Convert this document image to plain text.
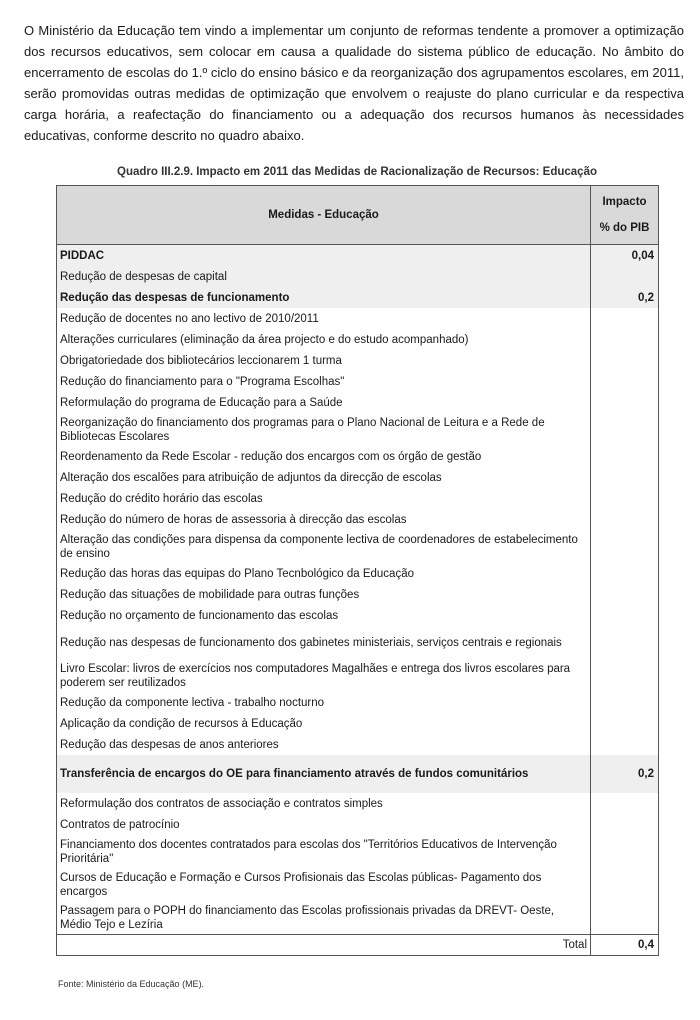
O Ministério da Educação tem vindo a implementar um conjunto de reformas tendente a promover a optimização dos recursos educativos, sem colocar em causa a qualidade do sistema público de educação. No âmbito do encerramento de escolas do 1.º ciclo do ensino básico e da reorganização dos agrupamentos escolares, em 2011, serão promovidas outras medidas de optimização que envolvem o reajuste do plano curricular e da respectiva carga horária, a reafectação do financiamento ou a adequação dos recursos humanos às necessidades educativas, conforme descrito no quadro abaixo.

Quadro III.2.9. Impacto em 2011 das Medidas de Racionalização de Recursos: Educação
Medidas - Educação	Impacto
% do PIB

PIDDAC	0,04
Redução de despesas de capital	
Redução das despesas de funcionamento	0,2
Redução de docentes no ano lectivo de 2010/2011	
Alterações curriculares (eliminação da área projecto e do estudo acompanhado)	
Obrigatoriedade dos bibliotecários leccionarem 1 turma	
Redução do financiamento para o "Programa Escolhas"	
Reformulação do programa de Educação para a Saúde	
Reorganização do financiamento dos programas para o Plano Nacional de Leitura e a Rede de Bibliotecas Escolares	
Reordenamento da Rede Escolar - redução dos encargos com os órgão de gestão	
Alteração dos escalões para atribuição de adjuntos da direcção de escolas	
Redução do crédito horário das escolas	
Redução do número de horas de assessoria à direcção das escolas	
Alteração das condições para dispensa da componente lectiva de coordenadores de estabelecimento de ensino	
Redução das horas das equipas do Plano Tecnbológico da Educação	
Redução das situações de mobilidade para outras funções	
Redução no orçamento de funcionamento das escolas	
Redução nas despesas de funcionamento dos gabinetes ministeriais, serviços centrais e regionais	
Livro Escolar: livros de exercícios nos computadores Magalhães e entrega dos livros escolares para poderem ser reutilizados	
Redução da componente lectiva - trabalho nocturno	
Aplicação da condição de recursos à Educação	
Redução das despesas de anos anteriores	
Transferência de encargos do OE para financiamento através de fundos comunitários	0,2
Reformulação dos contratos de associação e contratos simples	
Contratos de patrocínio	
Financiamento dos docentes contratados para escolas dos "Territórios Educativos de Intervenção Prioritária"	
Cursos de Educação e Formação e Cursos Profisionais das Escolas públicas- Pagamento dos encargos	
Passagem para o POPH do financiamento das Escolas profissionais privadas da DREVT- Oeste, Médio Tejo e Lezíria	
Total	0,4
Fonte: Ministério da Educação (ME).
